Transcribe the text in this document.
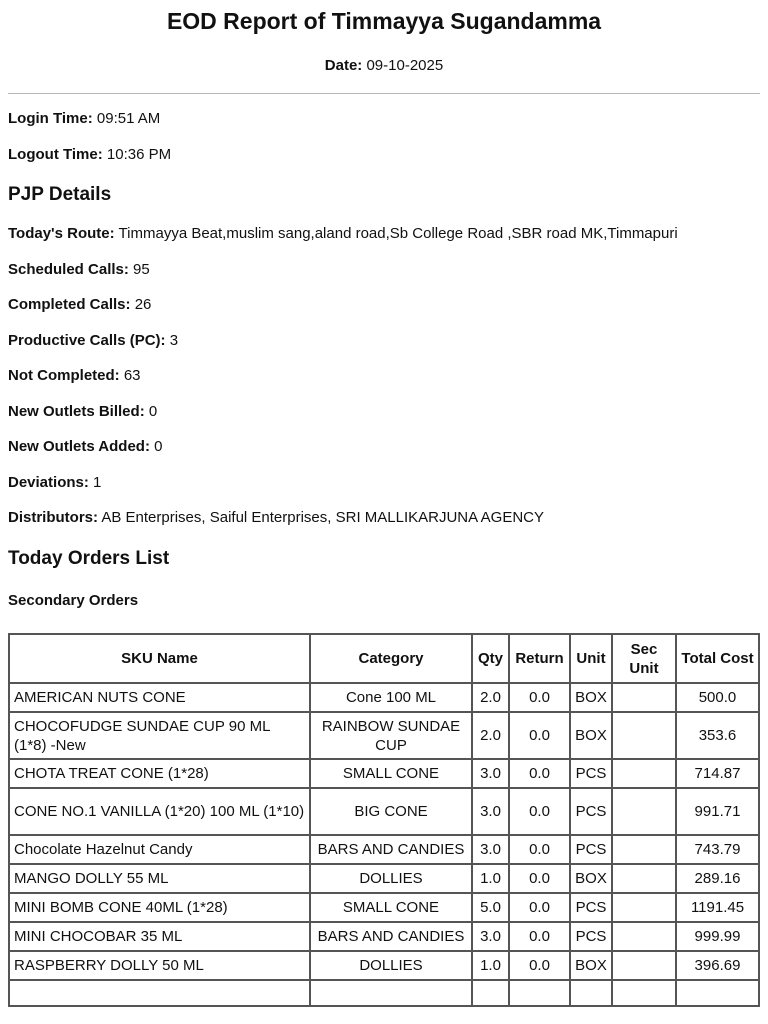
EOD Report of Timmayya Sugandamma
Date: 09-10-2025
Login Time: 09:51 AM
Logout Time: 10:36 PM
PJP Details
Today's Route: Timmayya Beat,muslim sang,aland road,Sb College Road ,SBR road MK,Timmapuri
Scheduled Calls: 95
Completed Calls: 26
Productive Calls (PC): 3
Not Completed: 63
New Outlets Billed: 0
New Outlets Added: 0
Deviations: 1
Distributors: AB Enterprises, Saiful Enterprises, SRI MALLIKARJUNA AGENCY
Today Orders List
Secondary Orders
SKU Name	Category	Qty	Return	Unit	Sec Unit	Total Cost
AMERICAN NUTS CONE	Cone 100 ML	2.0	0.0	BOX		500.0
CHOCOFUDGE SUNDAE CUP 90 ML (1*8) -New	RAINBOW SUNDAE CUP	2.0	0.0	BOX		353.6
CHOTA TREAT CONE (1*28)	SMALL CONE	3.0	0.0	PCS		714.87
CONE NO.1 VANILLA (1*20) 100 ML (1*10)	BIG CONE	3.0	0.0	PCS		991.71
Chocolate Hazelnut Candy	BARS AND CANDIES	3.0	0.0	PCS		743.79
MANGO DOLLY 55 ML	DOLLIES	1.0	0.0	BOX		289.16
MINI BOMB CONE 40ML (1*28)	SMALL CONE	5.0	0.0	PCS		1191.45
MINI CHOCOBAR 35 ML	BARS AND CANDIES	3.0	0.0	PCS		999.99
RASPBERRY DOLLY 50 ML	DOLLIES	1.0	0.0	BOX		396.69
